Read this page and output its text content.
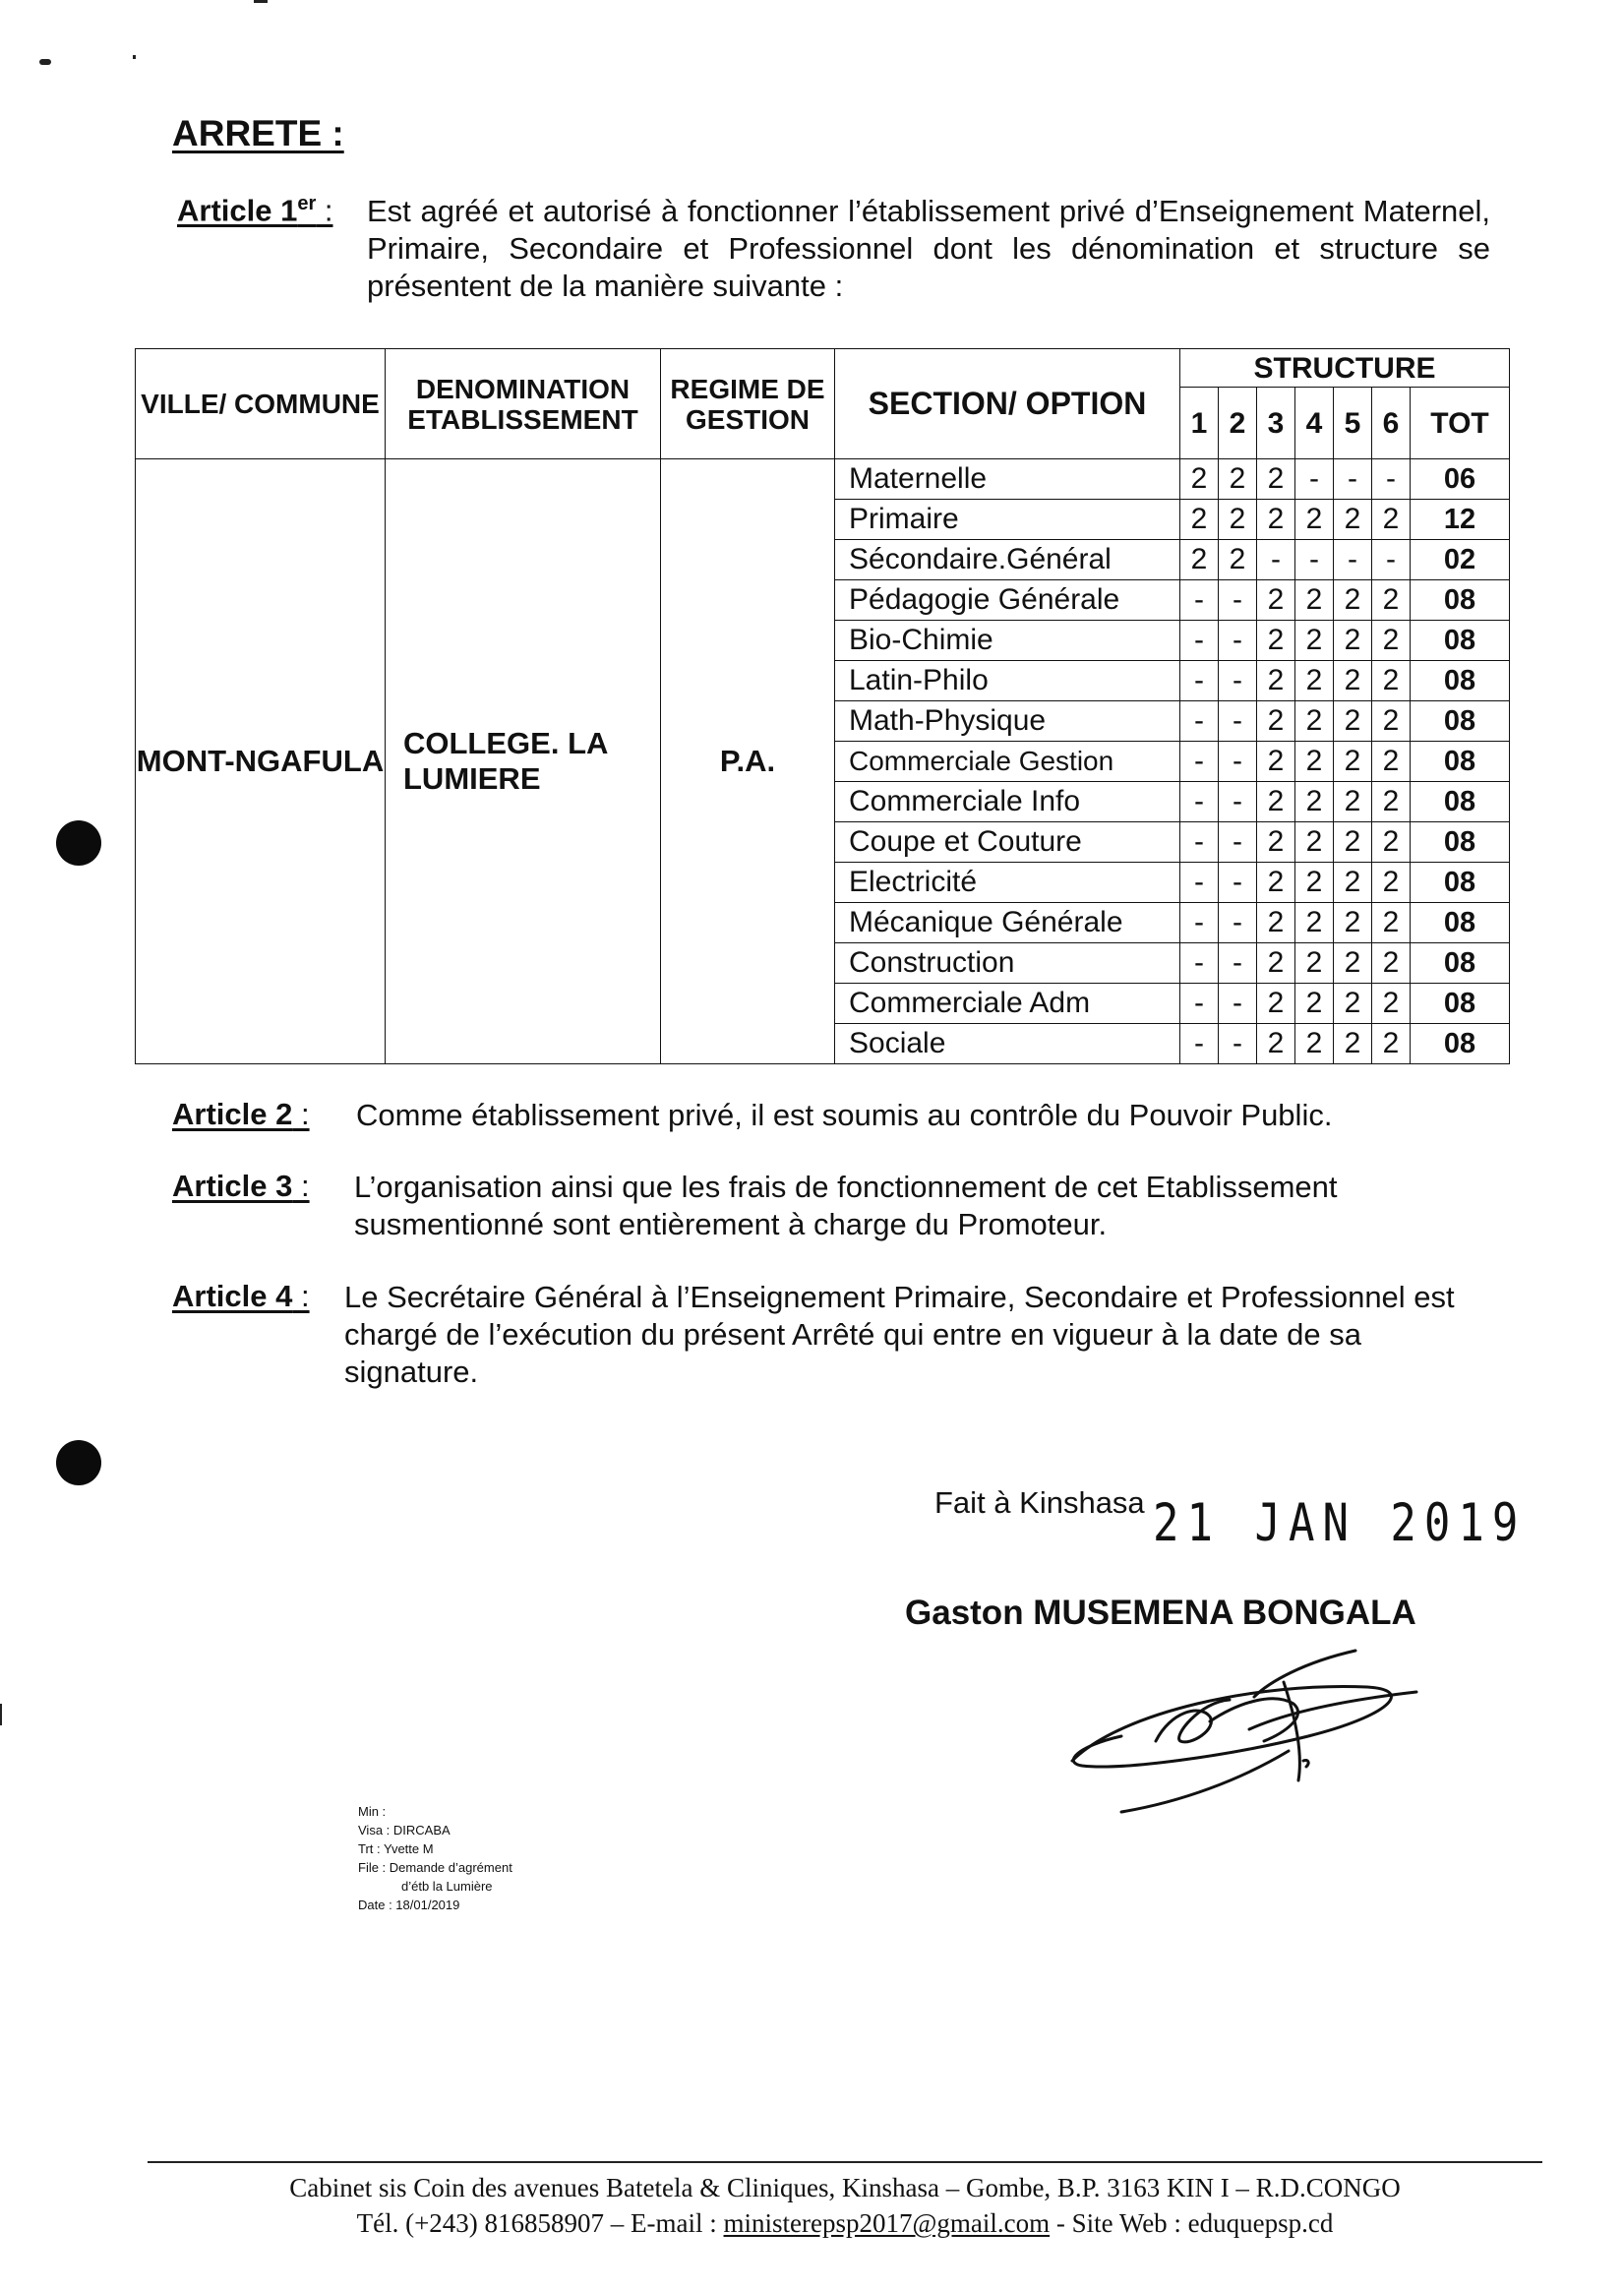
ARRETE :
Article 1er : Est agréé et autorisé à fonctionner l’établissement privé d’Enseignement Maternel, Primaire, Secondaire et Professionnel dont les dénomination et structure se présentent de la manière suivante :
VILLE/ COMMUNE	DENOMINATION ETABLISSEMENT	REGIME DE GESTION	SECTION/ OPTION	STRUCTURE						
				1	2	3	4	5	6	TOT
MONT-NGAFULA	COLLEGE. LA LUMIERE	P.A.	Maternelle	2	2	2	-	-	-	06
			Primaire	2	2	2	2	2	2	12
			Sécondaire.Général	2	2	-	-	-	-	02
			Pédagogie Générale	-	-	2	2	2	2	08
			Bio-Chimie	-	-	2	2	2	2	08
			Latin-Philo	-	-	2	2	2	2	08
			Math-Physique	-	-	2	2	2	2	08
			Commerciale Gestion	-	-	2	2	2	2	08
			Commerciale Info	-	-	2	2	2	2	08
			Coupe et Couture	-	-	2	2	2	2	08
			Electricité	-	-	2	2	2	2	08
			Mécanique Générale	-	-	2	2	2	2	08
			Construction	-	-	2	2	2	2	08
			Commerciale Adm	-	-	2	2	2	2	08
			Sociale	-	-	2	2	2	2	08
Article 2 : Comme établissement privé, il est soumis au contrôle du Pouvoir Public.
Article 3 : L’organisation ainsi que les frais de fonctionnement de cet Etablissement susmentionné sont entièrement à charge du Promoteur.
Article 4 : Le Secrétaire Général à l’Enseignement Primaire, Secondaire et Professionnel est chargé de l’exécution du présent Arrêté qui entre en vigueur à la date de sa signature.
Fait à Kinshasa 21 JAN 2019
Gaston MUSEMENA BONGALA
Min :
Visa : DIRCABA
Trt : Yvette M
File : Demande d’agrément
d’étb la Lumière
Date : 18/01/2019
Cabinet sis Coin des avenues Batetela & Cliniques, Kinshasa – Gombe, B.P. 3163 KIN I – R.D.CONGO
Tél. (+243) 816858907 – E-mail : ministerepsp2017@gmail.com - Site Web : eduquepsp.cd
